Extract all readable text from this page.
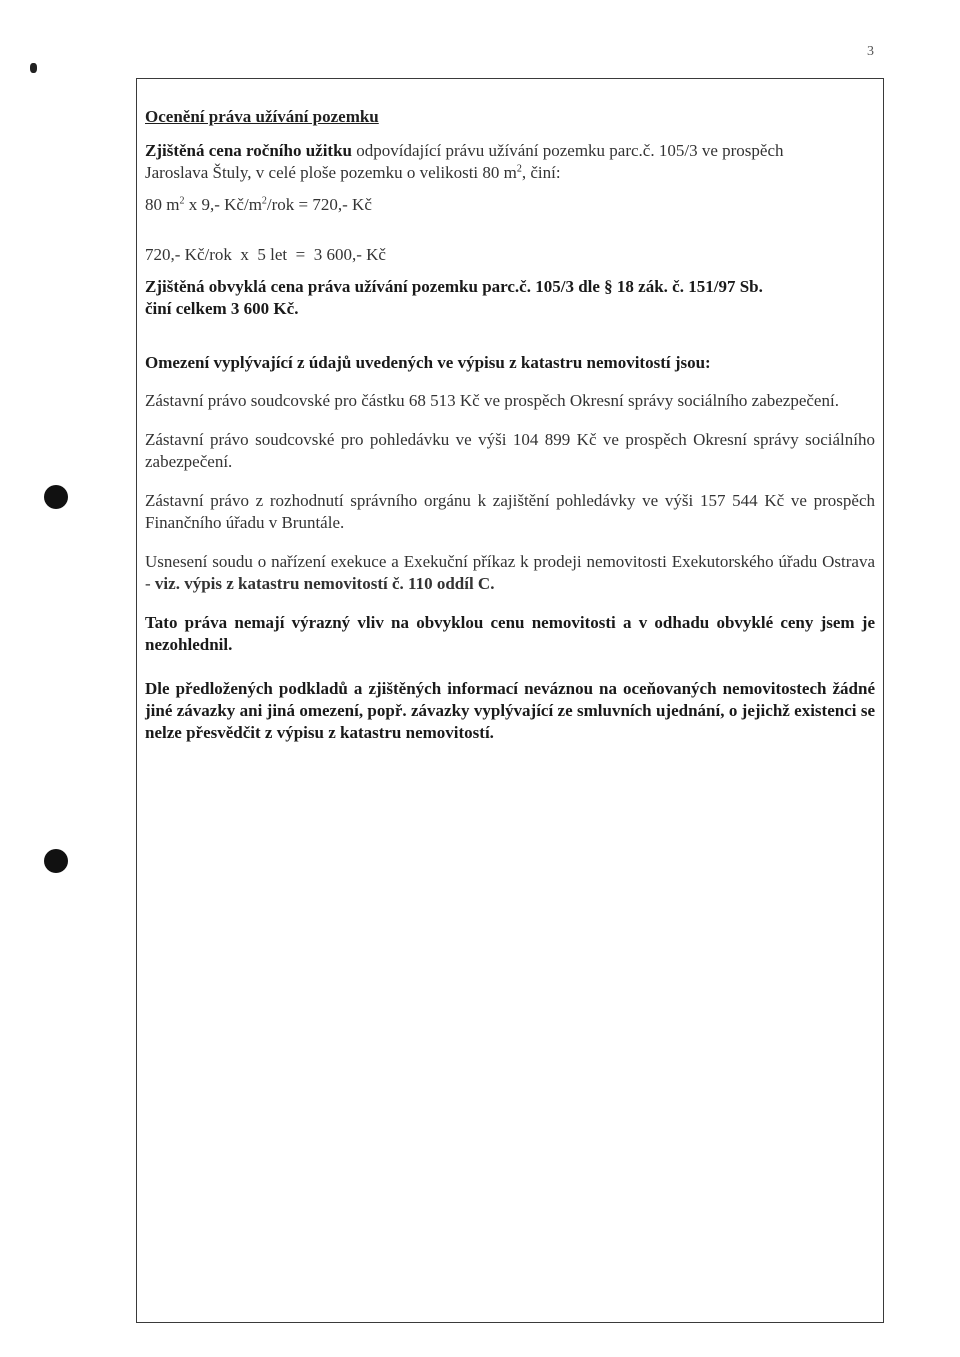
3

Ocenění práva užívání pozemku

Zjištěná cena ročního užitku odpovídající právu užívání pozemku parc.č. 105/3 ve prospěch
Jaroslava Štuly, v celé ploše pozemku o velikosti 80 $m^2$, činí:

80 $m^2$ x 9,- $Kč/m^2$/rok = 720,- Kč

720,- Kč/rok  x  5 let  =  3 600,- Kč

Zjištěná obvyklá cena práva užívání pozemku parc.č. 105/3 dle § 18 zák. č. 151/97 Sb.
činí celkem 3 600 Kč.

Omezení vyplývající z údajů uvedených ve výpisu z katastru nemovitostí jsou:

Zástavní právo soudcovské pro částku 68 513 Kč ve prospěch Okresní správy sociálního zabezpečení.

Zástavní právo soudcovské pro pohledávku ve výši 104 899 Kč ve prospěch Okresní správy sociálního zabezpečení.

Zástavní právo z rozhodnutí správního orgánu k zajištění pohledávky ve výši 157 544 Kč ve prospěch Finančního úřadu v Bruntále.

Usnesení soudu o nařízení exekuce a Exekuční příkaz k prodeji nemovitosti Exekutorského úřadu Ostrava - viz. výpis z katastru nemovitostí č. 110 oddíl C.

Tato práva nemají výrazný vliv na obvyklou cenu nemovitosti a v odhadu obvyklé ceny jsem je nezohlednil.

Dle předložených podkladů a zjištěných informací neváznou na oceňovaných nemovitostech žádné jiné závazky ani jiná omezení, popř. závazky vyplývající ze smluvních ujednání, o jejichž existenci se nelze přesvědčit z výpisu z katastru nemovitostí.
